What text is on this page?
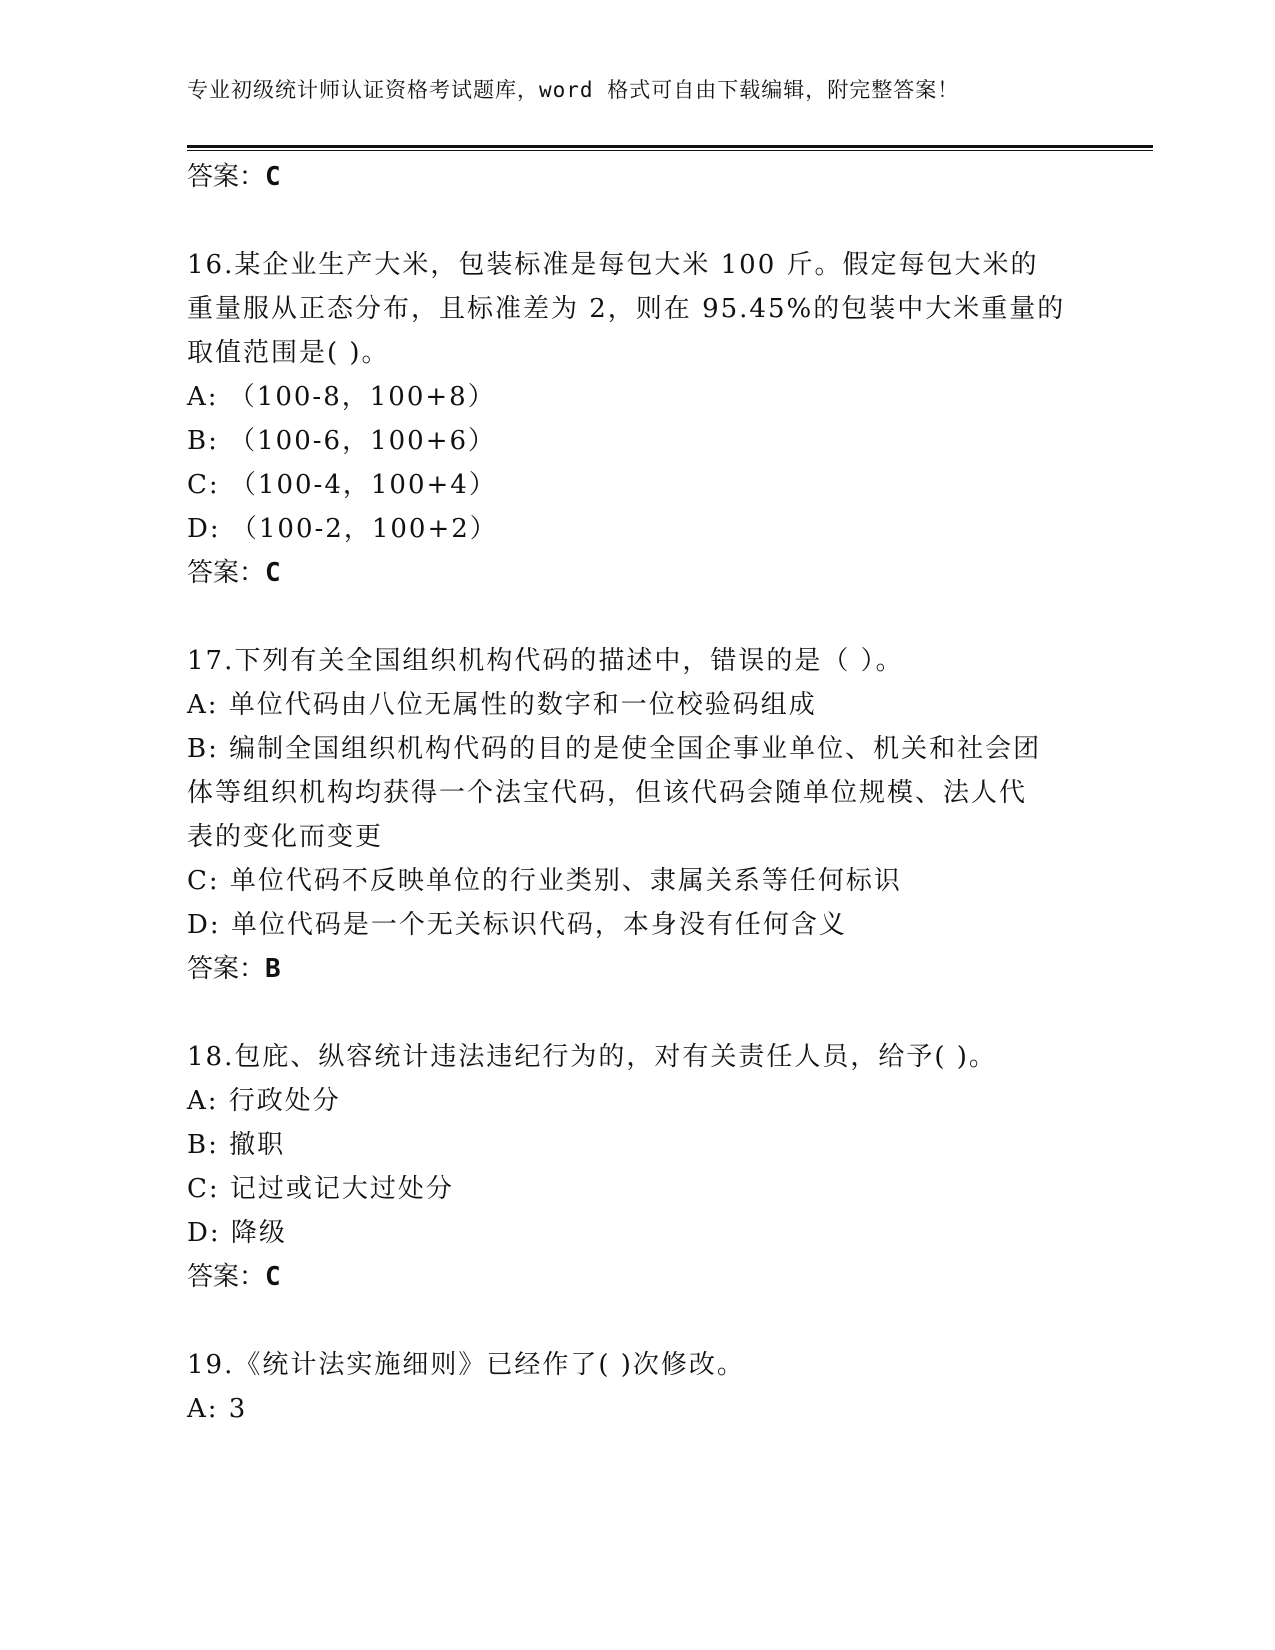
专业初级统计师认证资格考试题库，word 格式可自由下载编辑，附完整答案！
答案：C
16.某企业生产大米，包装标准是每包大米 100 斤。假定每包大米的
重量服从正态分布，且标准差为 2，则在 95.45%的包装中大米重量的
取值范围是( )。
A: （100-8，100+8）
B: （100-6，100+6）
C: （100-4，100+4）
D: （100-2，100+2）
答案：C
17.下列有关全国组织机构代码的描述中，错误的是（ ）。
A: 单位代码由八位无属性的数字和一位校验码组成
B: 编制全国组织机构代码的目的是使全国企事业单位、机关和社会团
体等组织机构均获得一个法宝代码，但该代码会随单位规模、法人代
表的变化而变更
C: 单位代码不反映单位的行业类别、隶属关系等任何标识
D: 单位代码是一个无关标识代码，本身没有任何含义
答案：B
18.包庇、纵容统计违法违纪行为的，对有关责任人员，给予( )。
A: 行政处分
B: 撤职
C: 记过或记大过处分
D: 降级
答案：C
19.《统计法实施细则》已经作了( )次修改。
A: 3
